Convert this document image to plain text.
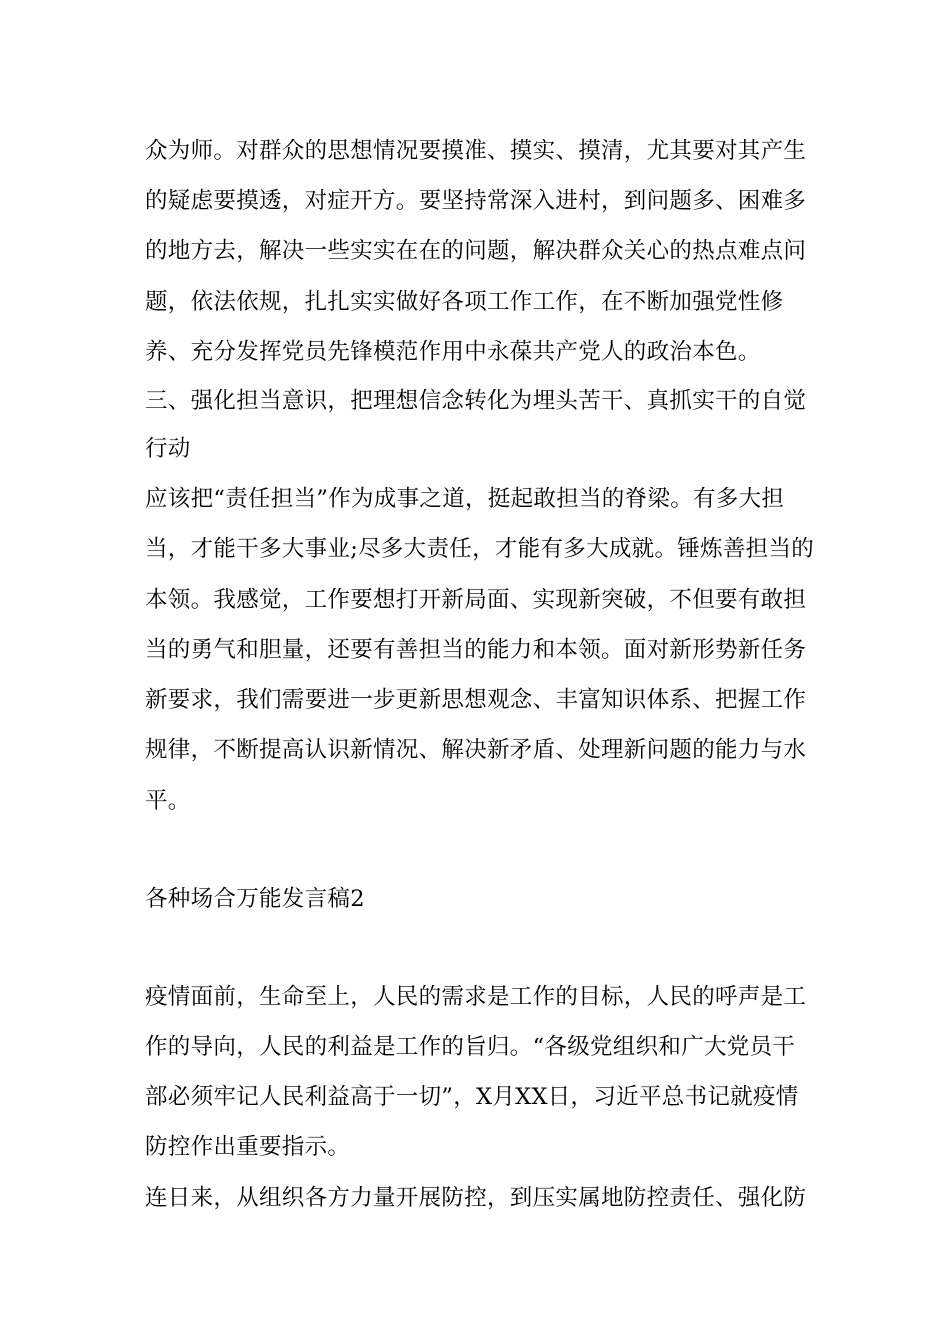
众为师。对群众的思想情况要摸准、摸实、摸清，尤其要对其产生
的疑虑要摸透，对症开方。要坚持常深入进村，到问题多、困难多
的地方去，解决一些实实在在的问题，解决群众关心的热点难点问
题，依法依规，扎扎实实做好各项工作工作，在不断加强党性修
养、充分发挥党员先锋模范作用中永葆共产党人的政治本色。
三、强化担当意识，把理想信念转化为埋头苦干、真抓实干的自觉
行动
应该把“责任担当”作为成事之道，挺起敢担当的脊梁。有多大担
当，才能干多大事业;尽多大责任，才能有多大成就。锤炼善担当的
本领。我感觉，工作要想打开新局面、实现新突破，不但要有敢担
当的勇气和胆量，还要有善担当的能力和本领。面对新形势新任务
新要求，我们需要进一步更新思想观念、丰富知识体系、把握工作
规律，不断提高认识新情况、解决新矛盾、处理新问题的能力与水
平。
各种场合万能发言稿2
疫情面前，生命至上，人民的需求是工作的目标，人民的呼声是工
作的导向，人民的利益是工作的旨归。“各级党组织和广大党员干
部必须牢记人民利益高于一切”，X月XX日，习近平总书记就疫情
防控作出重要指示。
连日来，从组织各方力量开展防控，到压实属地防控责任、强化防
